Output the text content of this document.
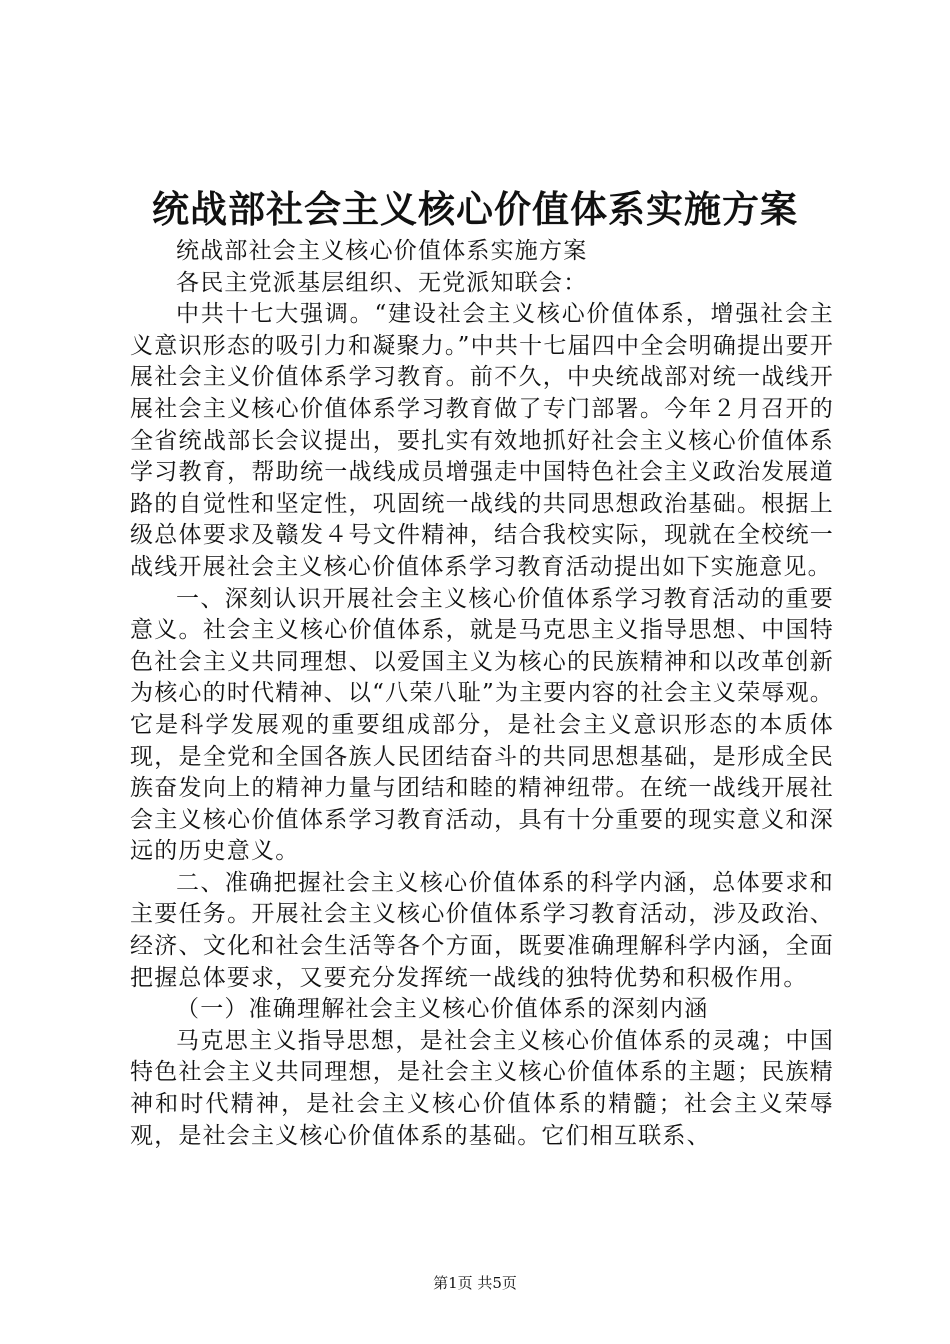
统战部社会主义核心价值体系实施方案

统战部社会主义核心价值体系实施方案

各民主党派基层组织、无党派知联会：

中共十七大强调。“建设社会主义核心价值体系，增强社会主义意识形态的吸引力和凝聚力。”中共十七届四中全会明确提出要开展社会主义价值体系学习教育。前不久，中央统战部对统一战线开展社会主义核心价值体系学习教育做了专门部署。今年２月召开的全省统战部长会议提出，要扎实有效地抓好社会主义核心价值体系学习教育，帮助统一战线成员增强走中国特色社会主义政治发展道路的自觉性和坚定性，巩固统一战线的共同思想政治基础。根据上级总体要求及赣发４号文件精神，结合我校实际，现就在全校统一战线开展社会主义核心价值体系学习教育活动提出如下实施意见。

一、深刻认识开展社会主义核心价值体系学习教育活动的重要意义。社会主义核心价值体系，就是马克思主义指导思想、中国特色社会主义共同理想、以爱国主义为核心的民族精神和以改革创新为核心的时代精神、以“八荣八耻”为主要内容的社会主义荣辱观。它是科学发展观的重要组成部分，是社会主义意识形态的本质体现，是全党和全国各族人民团结奋斗的共同思想基础，是形成全民族奋发向上的精神力量与团结和睦的精神纽带。在统一战线开展社会主义核心价值体系学习教育活动，具有十分重要的现实意义和深远的历史意义。

二、准确把握社会主义核心价值体系的科学内涵，总体要求和主要任务。开展社会主义核心价值体系学习教育活动，涉及政治、经济、文化和社会生活等各个方面，既要准确理解科学内涵，全面把握总体要求，又要充分发挥统一战线的独特优势和积极作用。

（一）准确理解社会主义核心价值体系的深刻内涵

马克思主义指导思想，是社会主义核心价值体系的灵魂；中国特色社会主义共同理想，是社会主义核心价值体系的主题；民族精神和时代精神，是社会主义核心价值体系的精髓；社会主义荣辱观，是社会主义核心价值体系的基础。它们相互联系、

第1页 共5页
